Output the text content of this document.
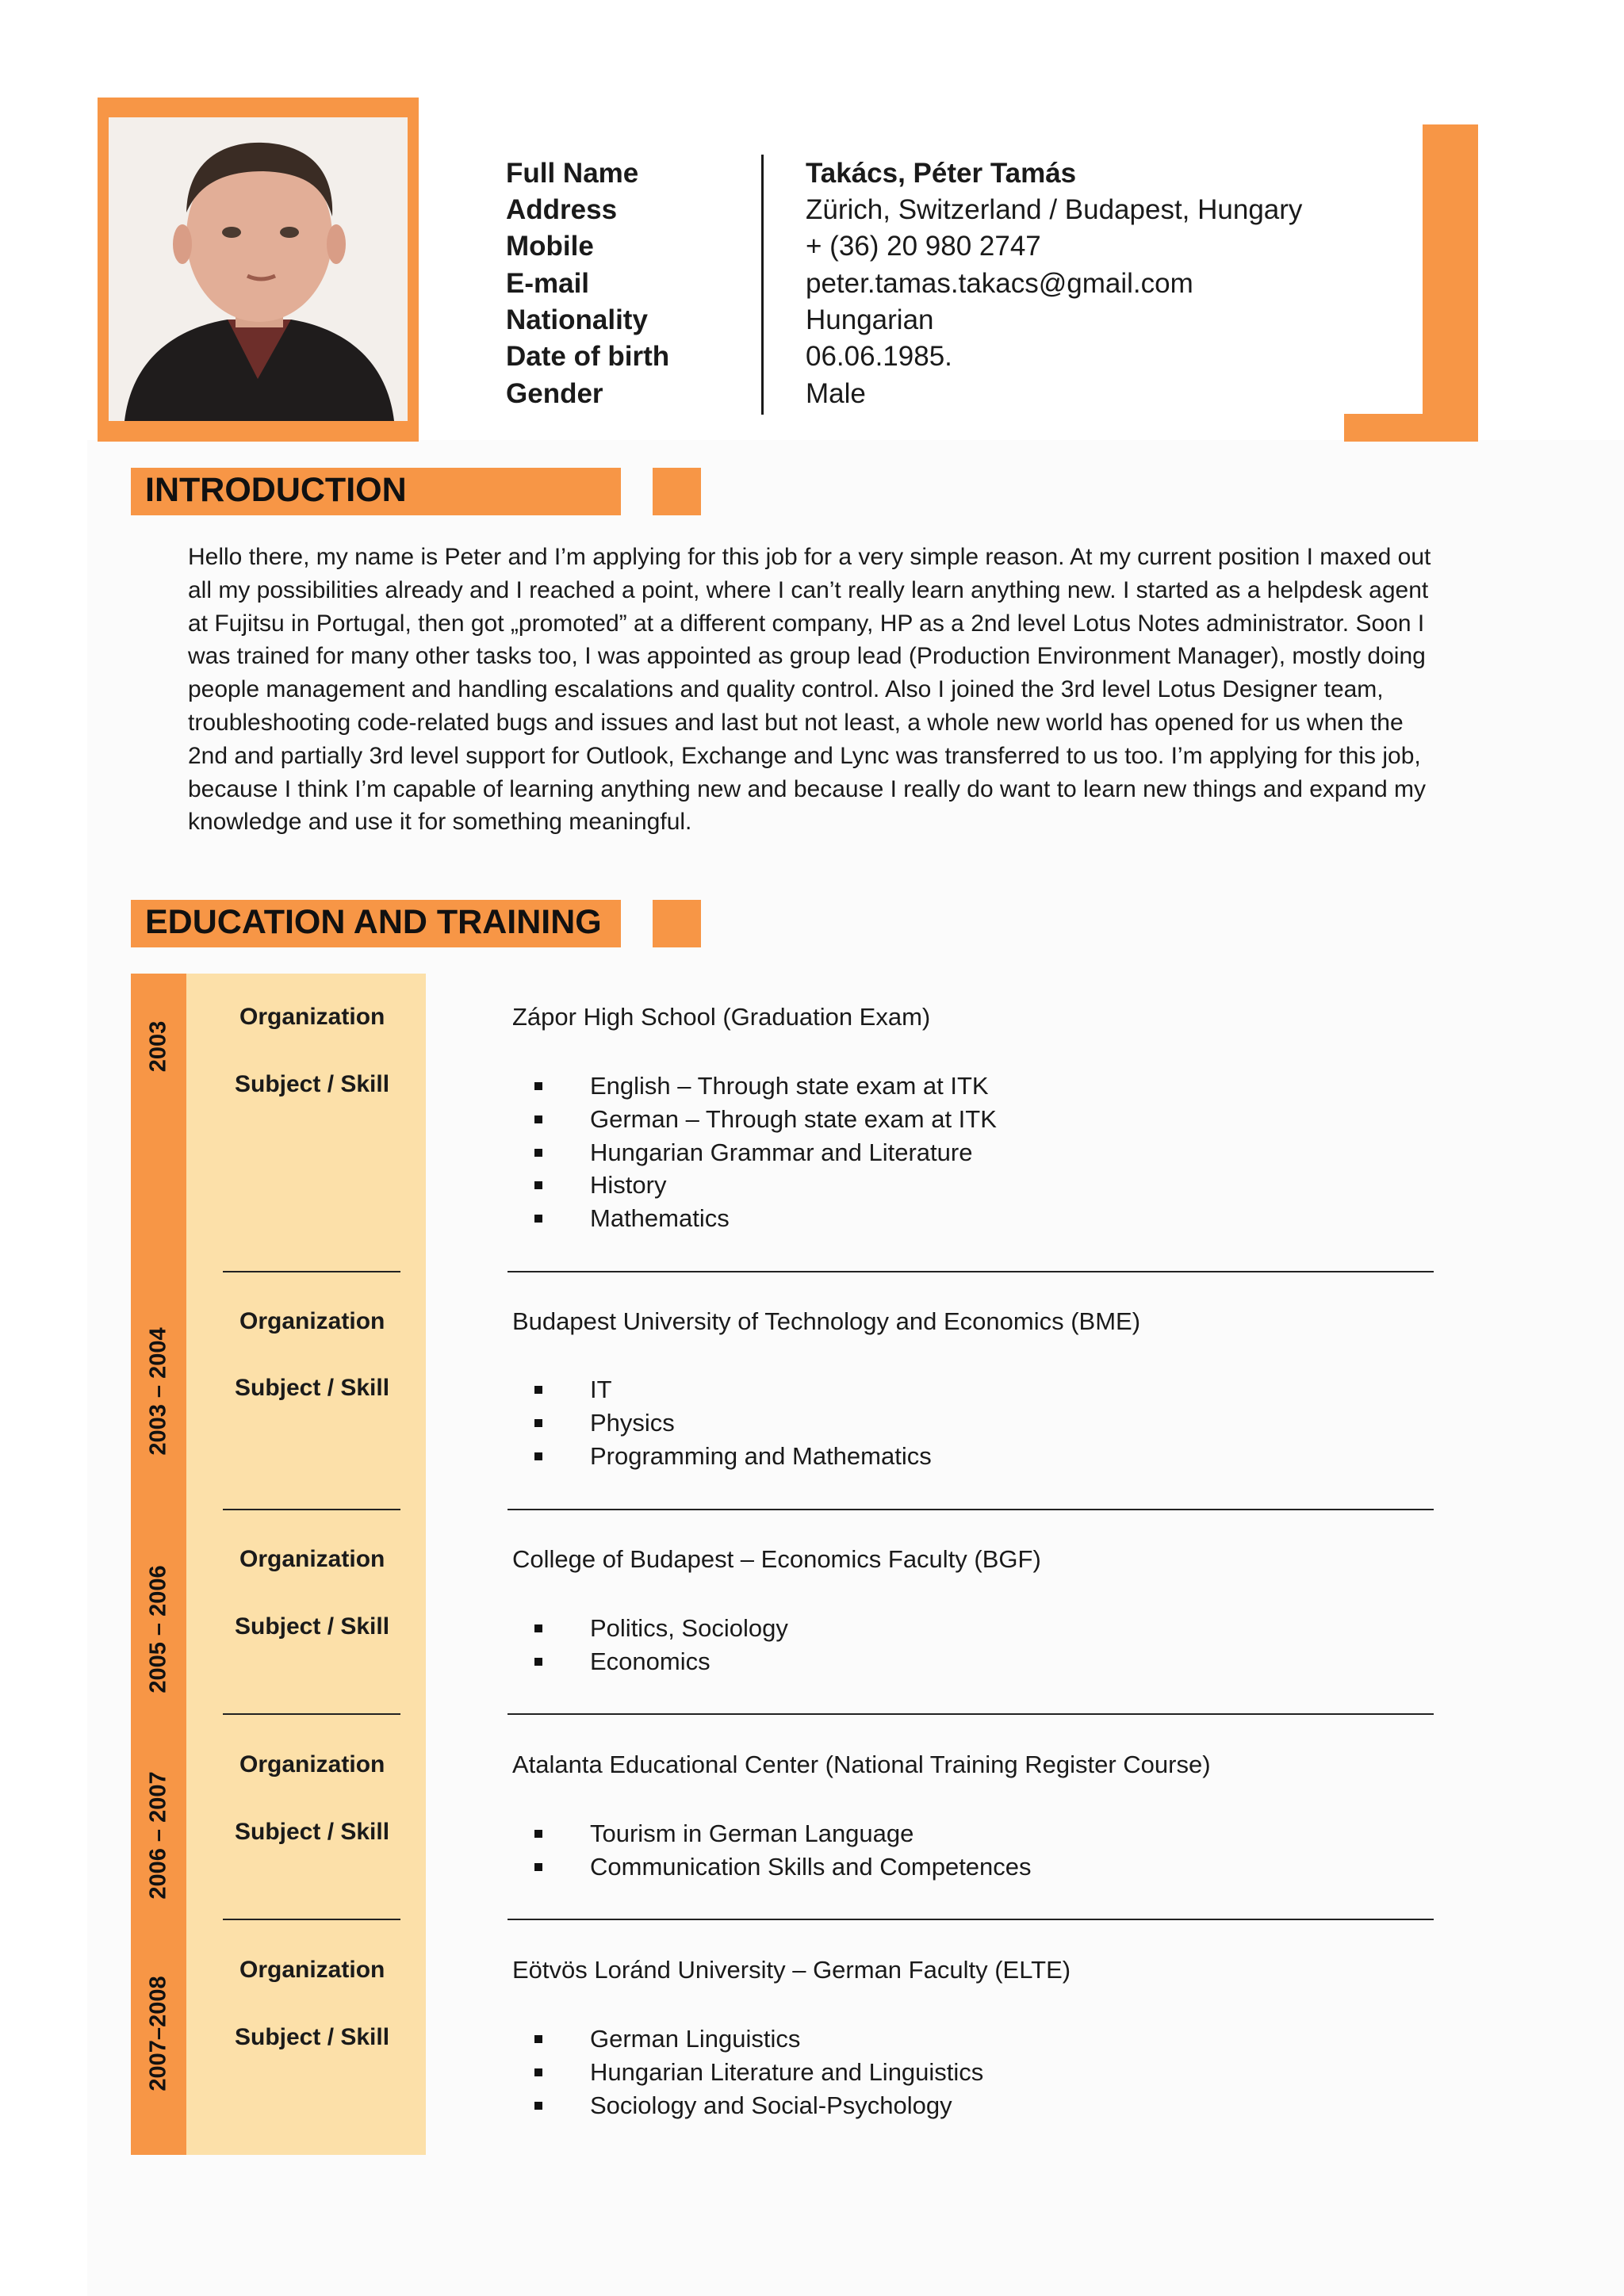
Full Name
Address
Mobile
E-mail
Nationality
Date of birth
Gender
Takács, Péter Tamás
Zürich, Switzerland / Budapest, Hungary
+ (36) 20 980 2747
peter.tamas.takacs@gmail.com
Hungarian
06.06.1985.
Male
INTRODUCTION
Hello there, my name is Peter and I’m applying for this job for a very simple reason. At my current position I maxed out all my possibilities already and I reached a point, where I can’t really learn anything new. I started as a helpdesk agent at Fujitsu in Portugal, then got „promoted” at a different company, HP as a 2nd level Lotus Notes administrator. Soon I was trained for many other tasks too, I was appointed as group lead (Production Environment Manager), mostly doing people management and handling escalations and quality control. Also I joined the 3rd level Lotus Designer team, troubleshooting code-related bugs and issues and last but not least, a whole new world has opened for us when the 2nd and partially 3rd level support for Outlook, Exchange and Lync was transferred to us too. I’m applying for this job, because I think I’m capable of learning anything new and because I really do want to learn new things and expand my knowledge and use it for something meaningful.
EDUCATION AND TRAINING
2003
Organization
Subject / Skill
Zápor High School (Graduation Exam)
English – Through state exam at ITK
German – Through state exam at ITK
Hungarian Grammar and Literature
History
Mathematics
2003 – 2004
Organization
Subject / Skill
Budapest University of Technology and Economics (BME)
IT
Physics
Programming and Mathematics
2005 – 2006
Organization
Subject / Skill
College of Budapest – Economics Faculty (BGF)
Politics, Sociology
Economics
2006 – 2007
Organization
Subject / Skill
Atalanta Educational Center (National Training Register Course)
Tourism in German Language
Communication Skills and Competences
2007–2008
Organization
Subject / Skill
Eötvös Loránd University – German Faculty (ELTE)
German Linguistics
Hungarian Literature and Linguistics
Sociology and Social-Psychology
